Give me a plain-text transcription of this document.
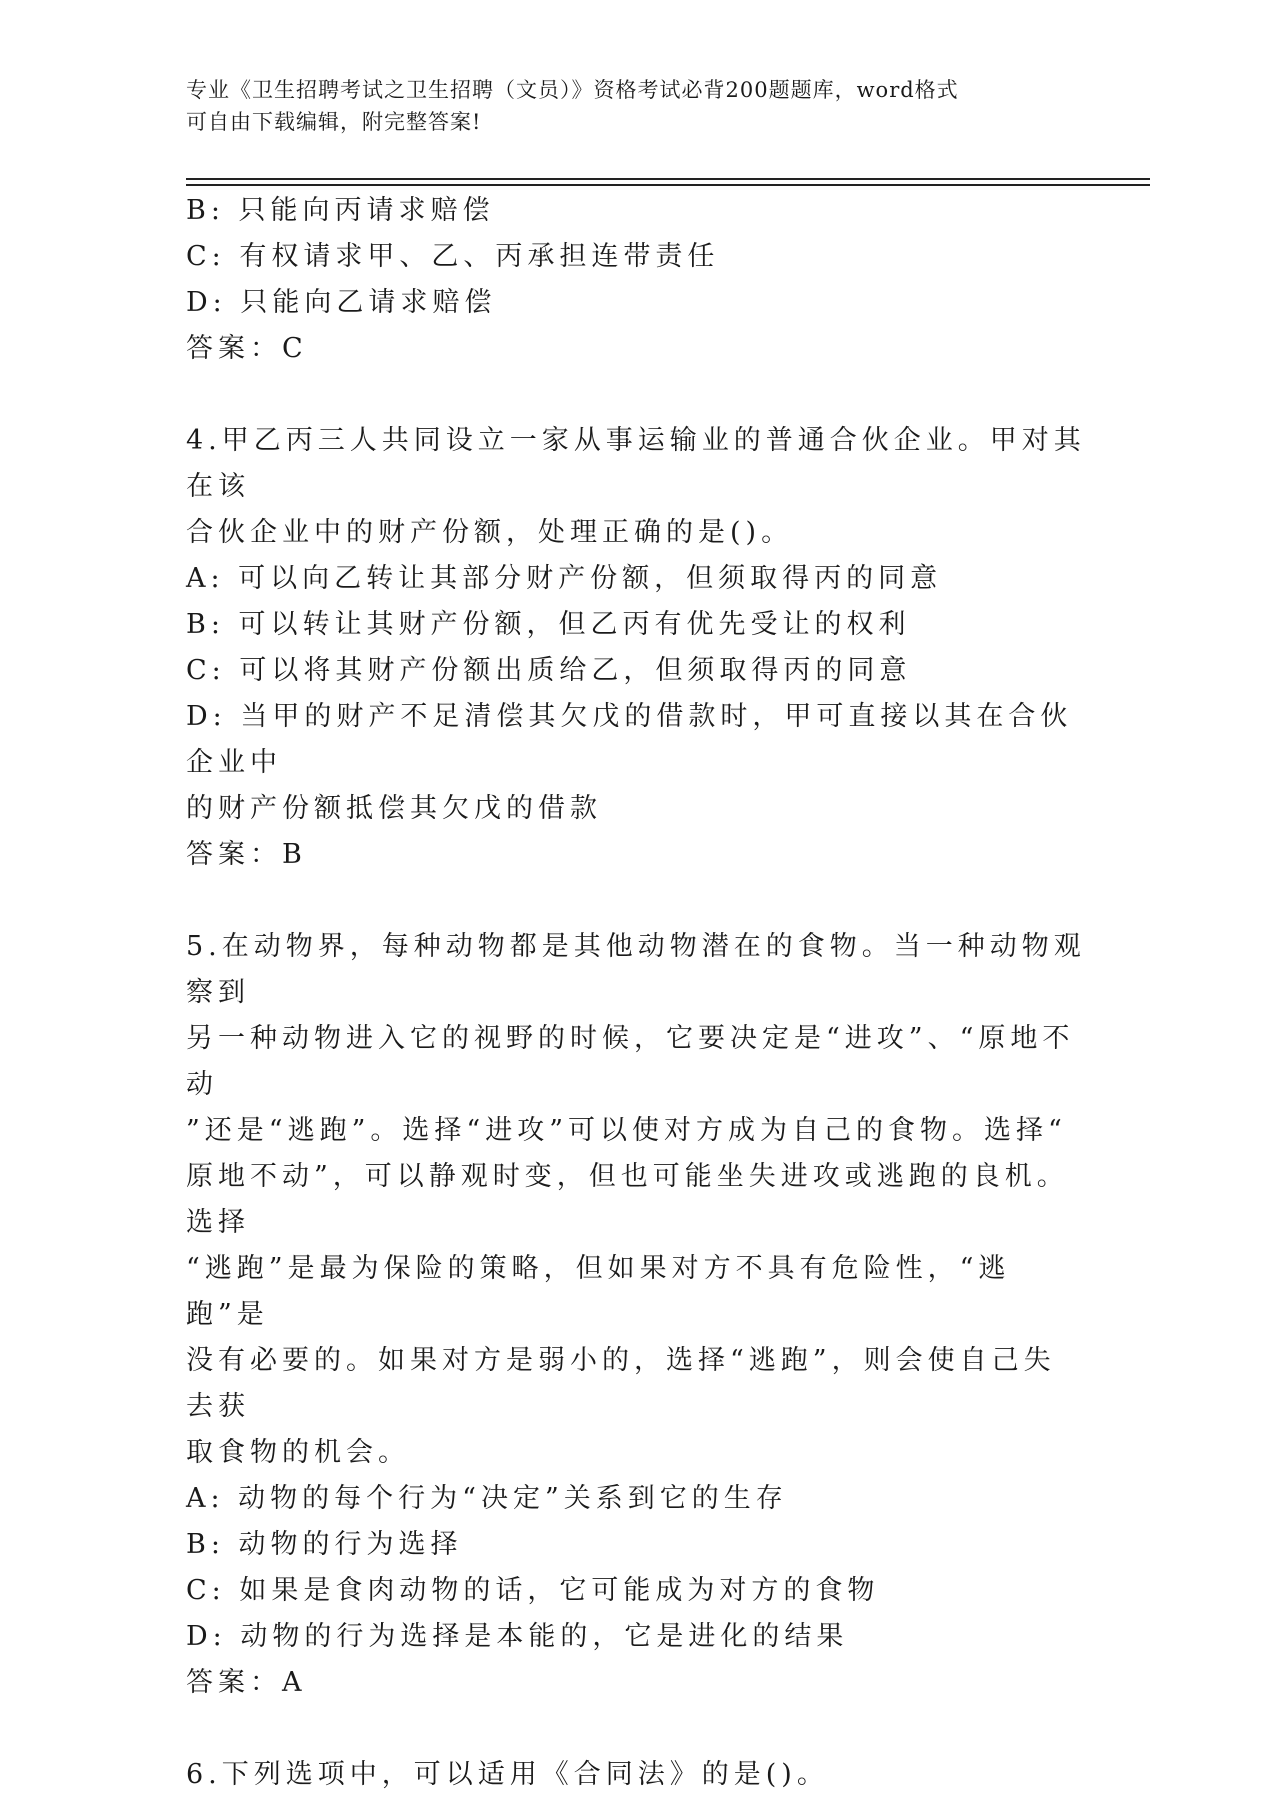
专业《卫生招聘考试之卫生招聘（文员）》资格考试必背200题题库，word格式
可自由下载编辑，附完整答案!
B: 只能向丙请求赔偿
C: 有权请求甲、乙、丙承担连带责任
D: 只能向乙请求赔偿
答案：C
4.甲乙丙三人共同设立一家从事运输业的普通合伙企业。甲对其在该
合伙企业中的财产份额，处理正确的是()。
A: 可以向乙转让其部分财产份额，但须取得丙的同意
B: 可以转让其财产份额，但乙丙有优先受让的权利
C: 可以将其财产份额出质给乙，但须取得丙的同意
D: 当甲的财产不足清偿其欠戊的借款时，甲可直接以其在合伙企业中
的财产份额抵偿其欠戊的借款
答案：B
5.在动物界，每种动物都是其他动物潜在的食物。当一种动物观察到
另一种动物进入它的视野的时候，它要决定是“进攻”、“原地不动
”还是“逃跑”。选择“进攻”可以使对方成为自己的食物。选择“
原地不动”，可以静观时变，但也可能坐失进攻或逃跑的良机。选择
“逃跑”是最为保险的策略，但如果对方不具有危险性，“逃跑”是
没有必要的。如果对方是弱小的，选择“逃跑”，则会使自己失去获
取食物的机会。
A: 动物的每个行为“决定”关系到它的生存
B: 动物的行为选择
C: 如果是食肉动物的话，它可能成为对方的食物
D: 动物的行为选择是本能的，它是进化的结果
答案：A
6.下列选项中，可以适用《合同法》的是()。
